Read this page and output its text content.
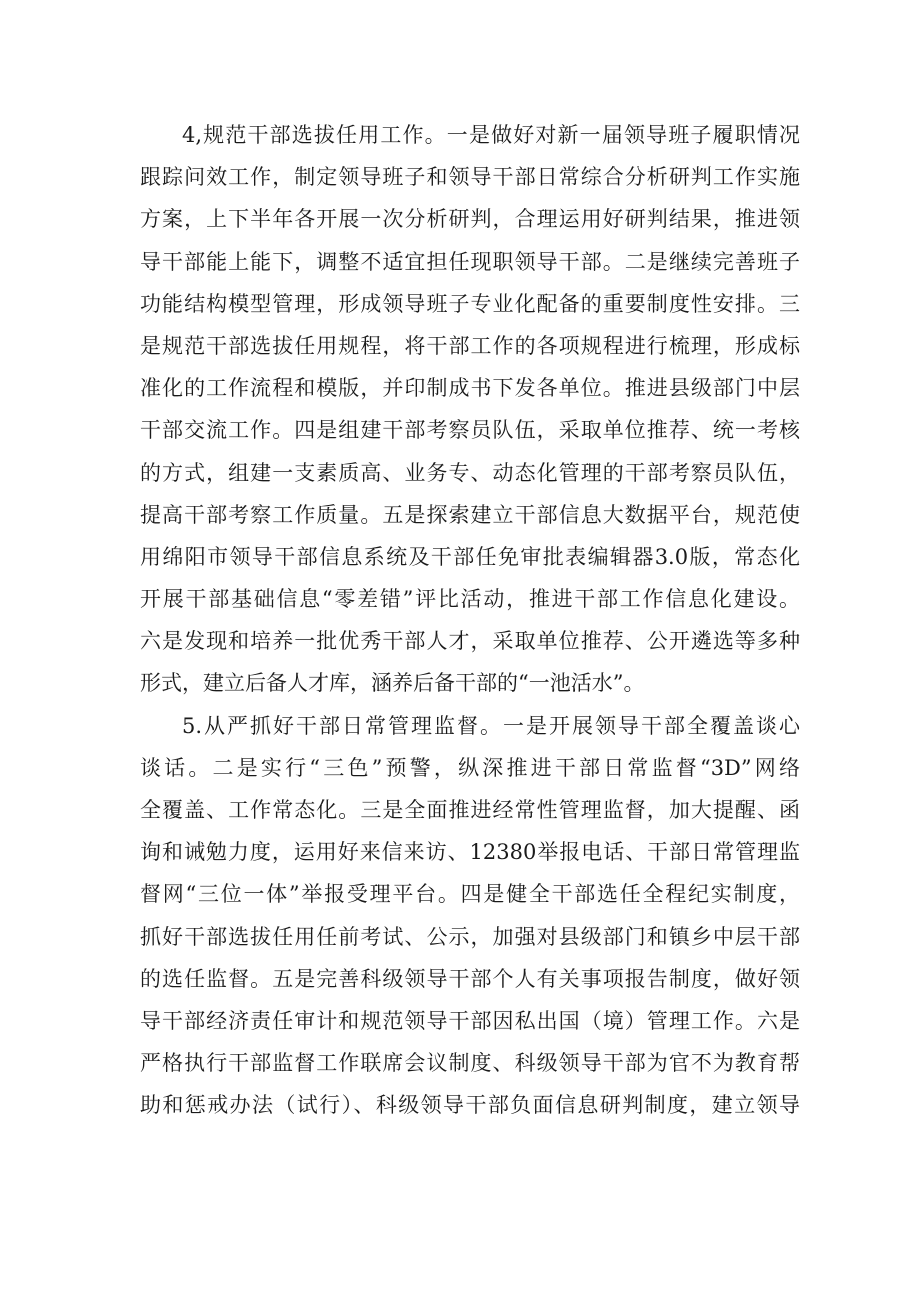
4,规范干部选拔任用工作。一是做好对新一届领导班子履职情况
跟踪问效工作，制定领导班子和领导干部日常综合分析研判工作实施
方案，上下半年各开展一次分析研判，合理运用好研判结果，推进领
导干部能上能下，调整不适宜担任现职领导干部。二是继续完善班子
功能结构模型管理，形成领导班子专业化配备的重要制度性安排。三
是规范干部选拔任用规程，将干部工作的各项规程进行梳理，形成标
准化的工作流程和模版，并印制成书下发各单位。推进县级部门中层
干部交流工作。四是组建干部考察员队伍，采取单位推荐、统一考核
的方式，组建一支素质高、业务专、动态化管理的干部考察员队伍，
提高干部考察工作质量。五是探索建立干部信息大数据平台，规范使
用绵阳市领导干部信息系统及干部任免审批表编辑器3.0版，常态化
开展干部基础信息“零差错”评比活动，推进干部工作信息化建设。
六是发现和培养一批优秀干部人才，采取单位推荐、公开遴选等多种
形式，建立后备人才库，涵养后备干部的“一池活水”。
5.从严抓好干部日常管理监督。一是开展领导干部全覆盖谈心
谈话。二是实行“三色”预警，纵深推进干部日常监督“3D”网络
全覆盖、工作常态化。三是全面推进经常性管理监督，加大提醒、函
询和诫勉力度，运用好来信来访、12380举报电话、干部日常管理监
督网“三位一体”举报受理平台。四是健全干部选任全程纪实制度，
抓好干部选拔任用任前考试、公示，加强对县级部门和镇乡中层干部
的选任监督。五是完善科级领导干部个人有关事项报告制度，做好领
导干部经济责任审计和规范领导干部因私出国（境）管理工作。六是
严格执行干部监督工作联席会议制度、科级领导干部为官不为教育帮
助和惩戒办法（试行）、科级领导干部负面信息研判制度，建立领导
